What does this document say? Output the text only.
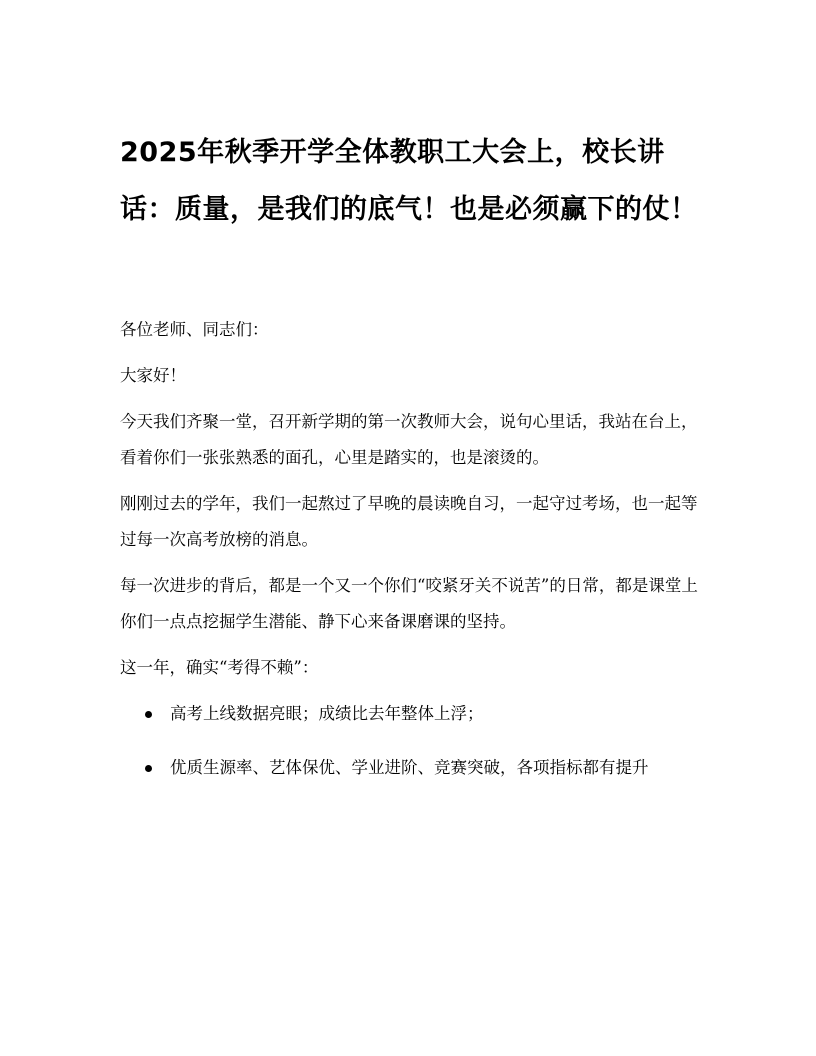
2025年秋季开学全体教职工大会上，校长讲话：质量，是我们的底气！也是必须赢下的仗！

各位老师、同志们：

大家好！

今天我们齐聚一堂，召开新学期的第一次教师大会，说句心里话，我站在台上，看着你们一张张熟悉的面孔，心里是踏实的，也是滚烫的。

刚刚过去的学年，我们一起熬过了早晚的晨读晚自习，一起守过考场，也一起等过每一次高考放榜的消息。

每一次进步的背后，都是一个又一个你们“咬紧牙关不说苦”的日常，都是课堂上你们一点点挖掘学生潜能、静下心来备课磨课的坚持。

这一年，确实“考得不赖”：

高考上线数据亮眼；成绩比去年整体上浮；
优质生源率、艺体保优、学业进阶、竞赛突破，各项指标都有提升
